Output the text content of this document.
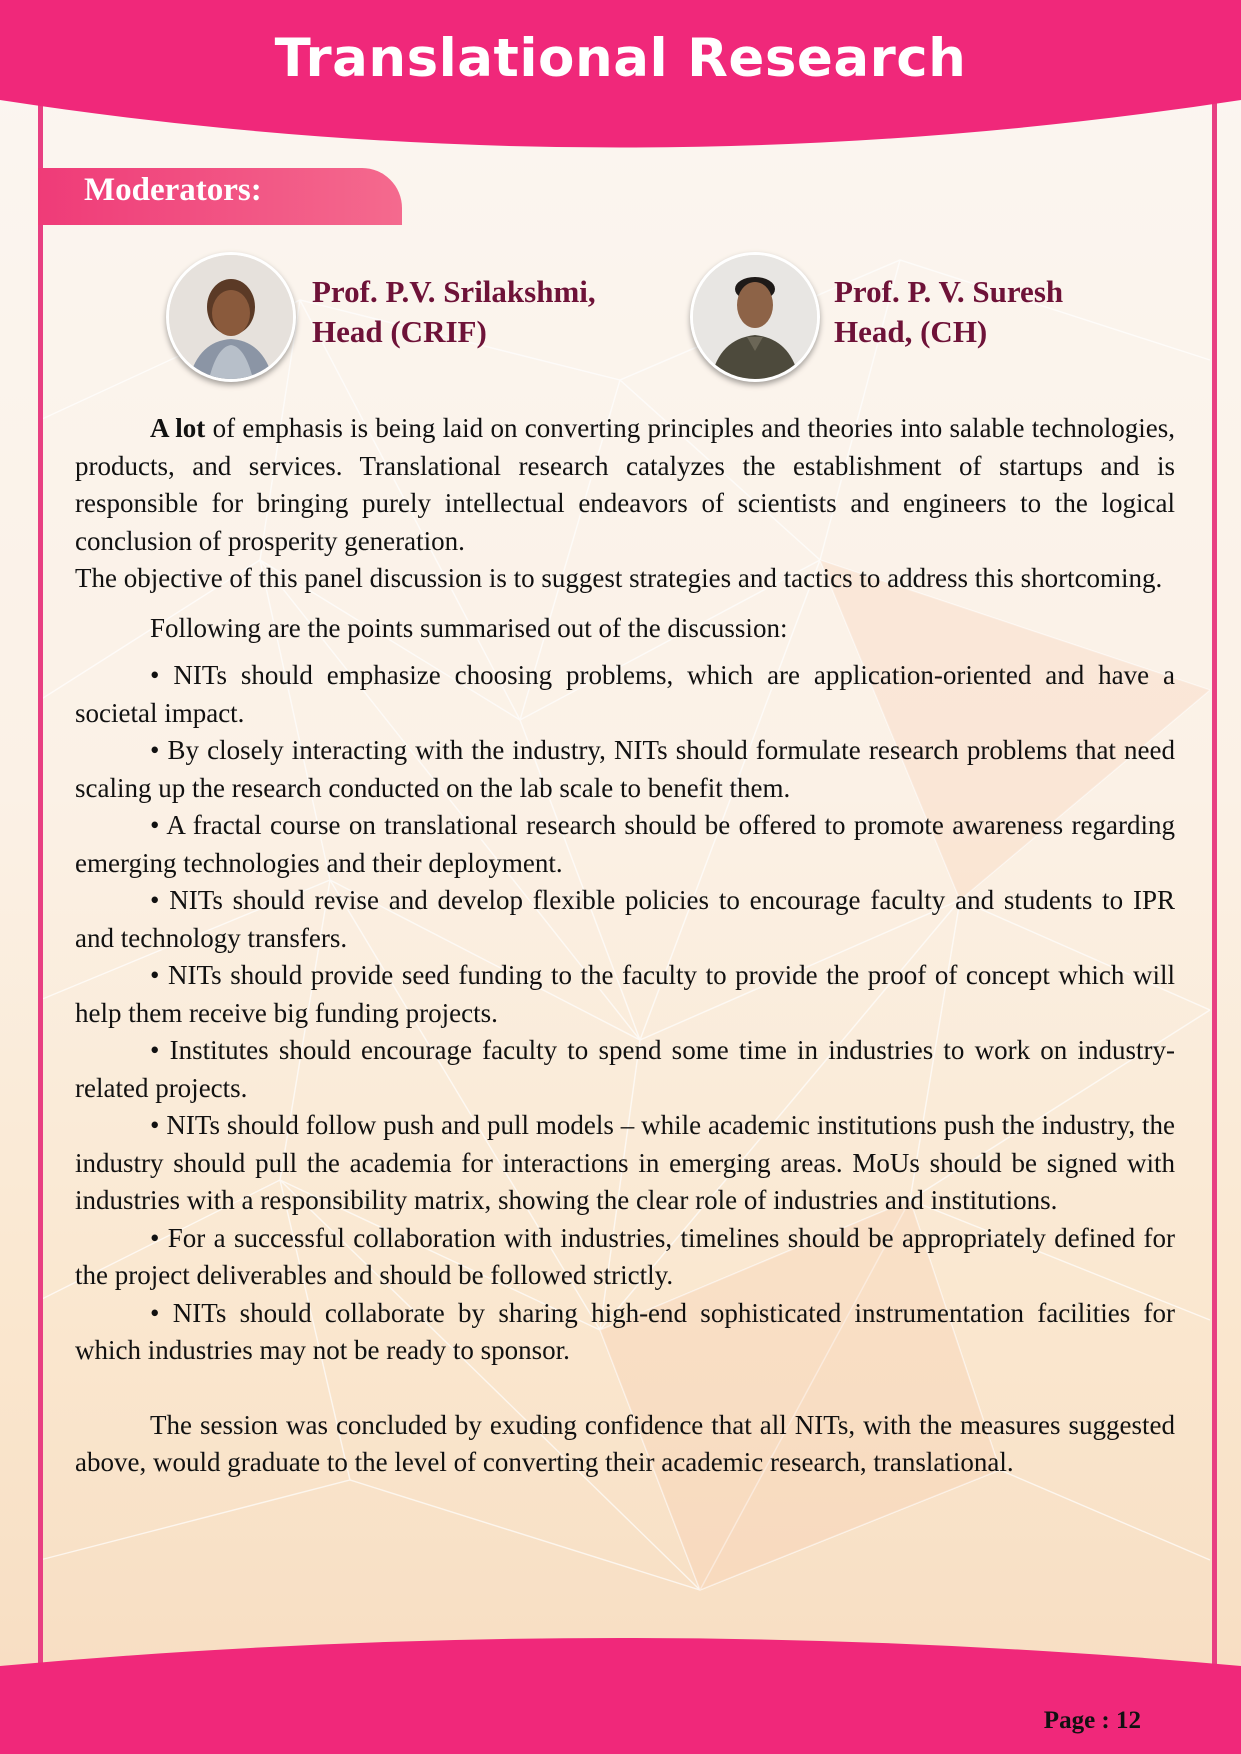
Translational Research
Moderators:
Prof. P.V. Srilakshmi,
Head (CRIF)
Prof. P. V. Suresh
Head, (CH)

A lot of emphasis is being laid on converting principles and theories into salable technologies, products, and services. Translational research catalyzes the establishment of startups and is responsible for bringing purely intellectual endeavors of scientists and engineers to the logical conclusion of prosperity generation.

The objective of this panel discussion is to suggest strategies and tactics to address this shortcoming.

Following are the points summarised out of the discussion:

• NITs should emphasize choosing problems, which are application-oriented and have a societal impact.

• By closely interacting with the industry, NITs should formulate research problems that need scaling up the research conducted on the lab scale to benefit them.

• A fractal course on translational research should be offered to promote awareness regarding emerging technologies and their deployment.

• NITs should revise and develop flexible policies to encourage faculty and students to IPR and technology transfers.

• NITs should provide seed funding to the faculty to provide the proof of concept which will help them receive big funding projects.

• Institutes should encourage faculty to spend some time in industries to work on industry-related projects.

• NITs should follow push and pull models – while academic institutions push the industry, the industry should pull the academia for interactions in emerging areas. MoUs should be signed with industries with a responsibility matrix, showing the clear role of industries and institutions.

• For a successful collaboration with industries, timelines should be appropriately defined for the project deliverables and should be followed strictly.

• NITs should collaborate by sharing high-end sophisticated instrumentation facilities for which industries may not be ready to sponsor.

The session was concluded by exuding confidence that all NITs, with the measures suggested above, would graduate to the level of converting their academic research, translational.

Page : 12
